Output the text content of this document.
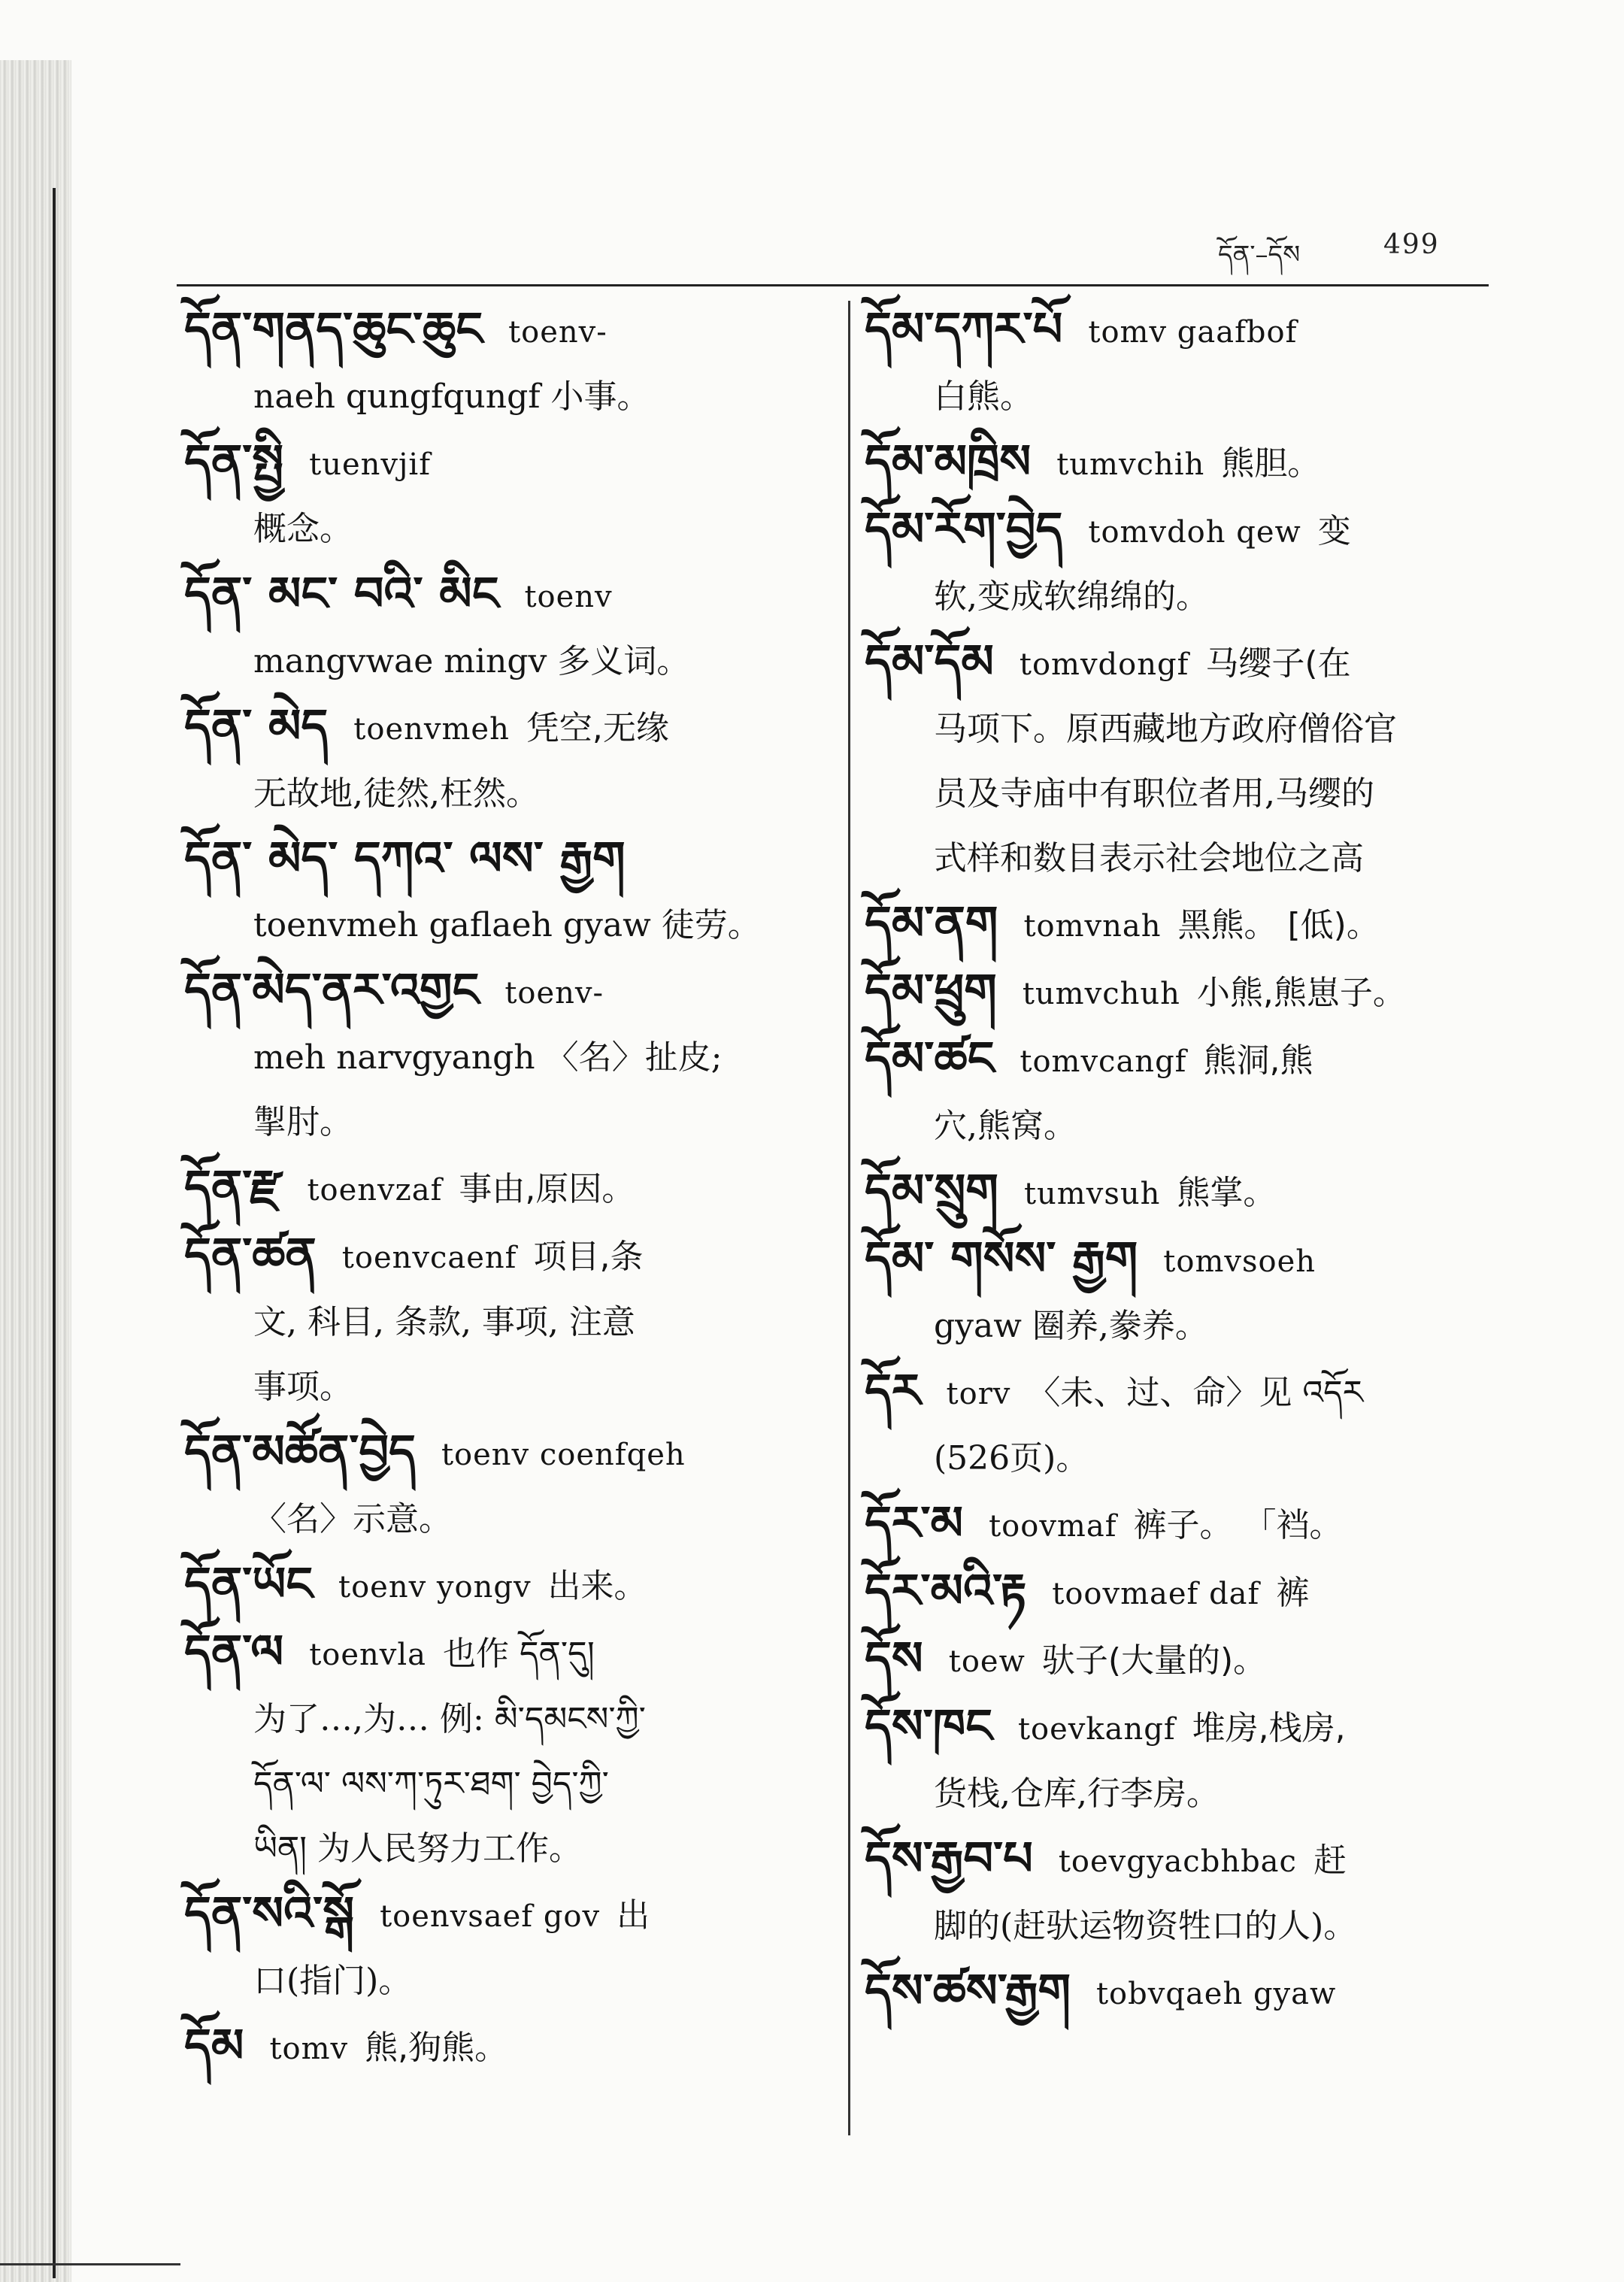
དོན་–དོས	499
དོན་གནད་ཆུང་ཆུང toenv-
naeh qungfqungf 小事。
དོན་སྤྱི tuenvjif
概念。
དོན་ མང་ བའི་ མིང toenv
mangvwae mingv 多义词。
དོན་ མེད toenvmeh 凭空,无缘
无故地,徒然,枉然。
དོན་ མེད་ དཀའ་ ལས་ རྒྱག
toenvmeh gaflaeh gyaw 徒劳。
དོན་མེད་ནར་འགྱང toenv-
meh narvgyangh 〈名〉扯皮;
掣肘。
དོན་རྫ toenvzaf 事由,原因。
དོན་ཚན toenvcaenf 项目,条
文, 科目, 条款, 事项, 注意
事项。
དོན་མཚོན་བྱེད toenv coenfqeh
〈名〉示意。
དོན་ཡོང toenv yongv 出来。
དོན་ལ toenvla 也作 དོན་དུ།
为了…,为… 例: མི་དམངས་ཀྱི་
དོན་ལ་ ལས་ཀ་ཏུར་ཐག་ བྱེད་ཀྱི་
ཡིན། 为人民努力工作。
དོན་སའི་སྒོ toenvsaef gov 出
口(指门)。
དོམ tomv 熊,狗熊。
དོམ་དཀར་པོ tomv gaafbof
白熊。
དོམ་མཁྲིས tumvchih 熊胆。
དོམ་རོག་བྱེད tomvdoh qew 变
软,变成软绵绵的。
དོམ་དོམ tomvdongf 马缨子(在
马项下。原西藏地方政府僧俗官
员及寺庙中有职位者用,马缨的
式样和数目表示社会地位之高
དོམ་ནག tomvnah 黑熊。 [低)。
དོམ་ཕྲུག tumvchuh 小熊,熊崽子。
དོམ་ཚང tomvcangf 熊洞,熊
穴,熊窝。
དོམ་སྲུག tumvsuh 熊掌。
དོམ་ གསོས་ རྒྱག tomvsoeh
gyaw 圈养,豢养。
དོར torv 〈未、过、命〉见 འདོར
(526页)。
དོར་མ toovmaf 裤子。 「裆。
དོར་མའི་རྟ toovmaef daf 裤
དོས toew 驮子(大量的)。
དོས་ཁང toevkangf 堆房,栈房,
货栈,仓库,行李房。
དོས་རྒྱབ་པ toevgyacbhbac 赶
脚的(赶驮运物资牲口的人)。
དོས་ཚས་རྒྱག tobvqaeh gyaw
